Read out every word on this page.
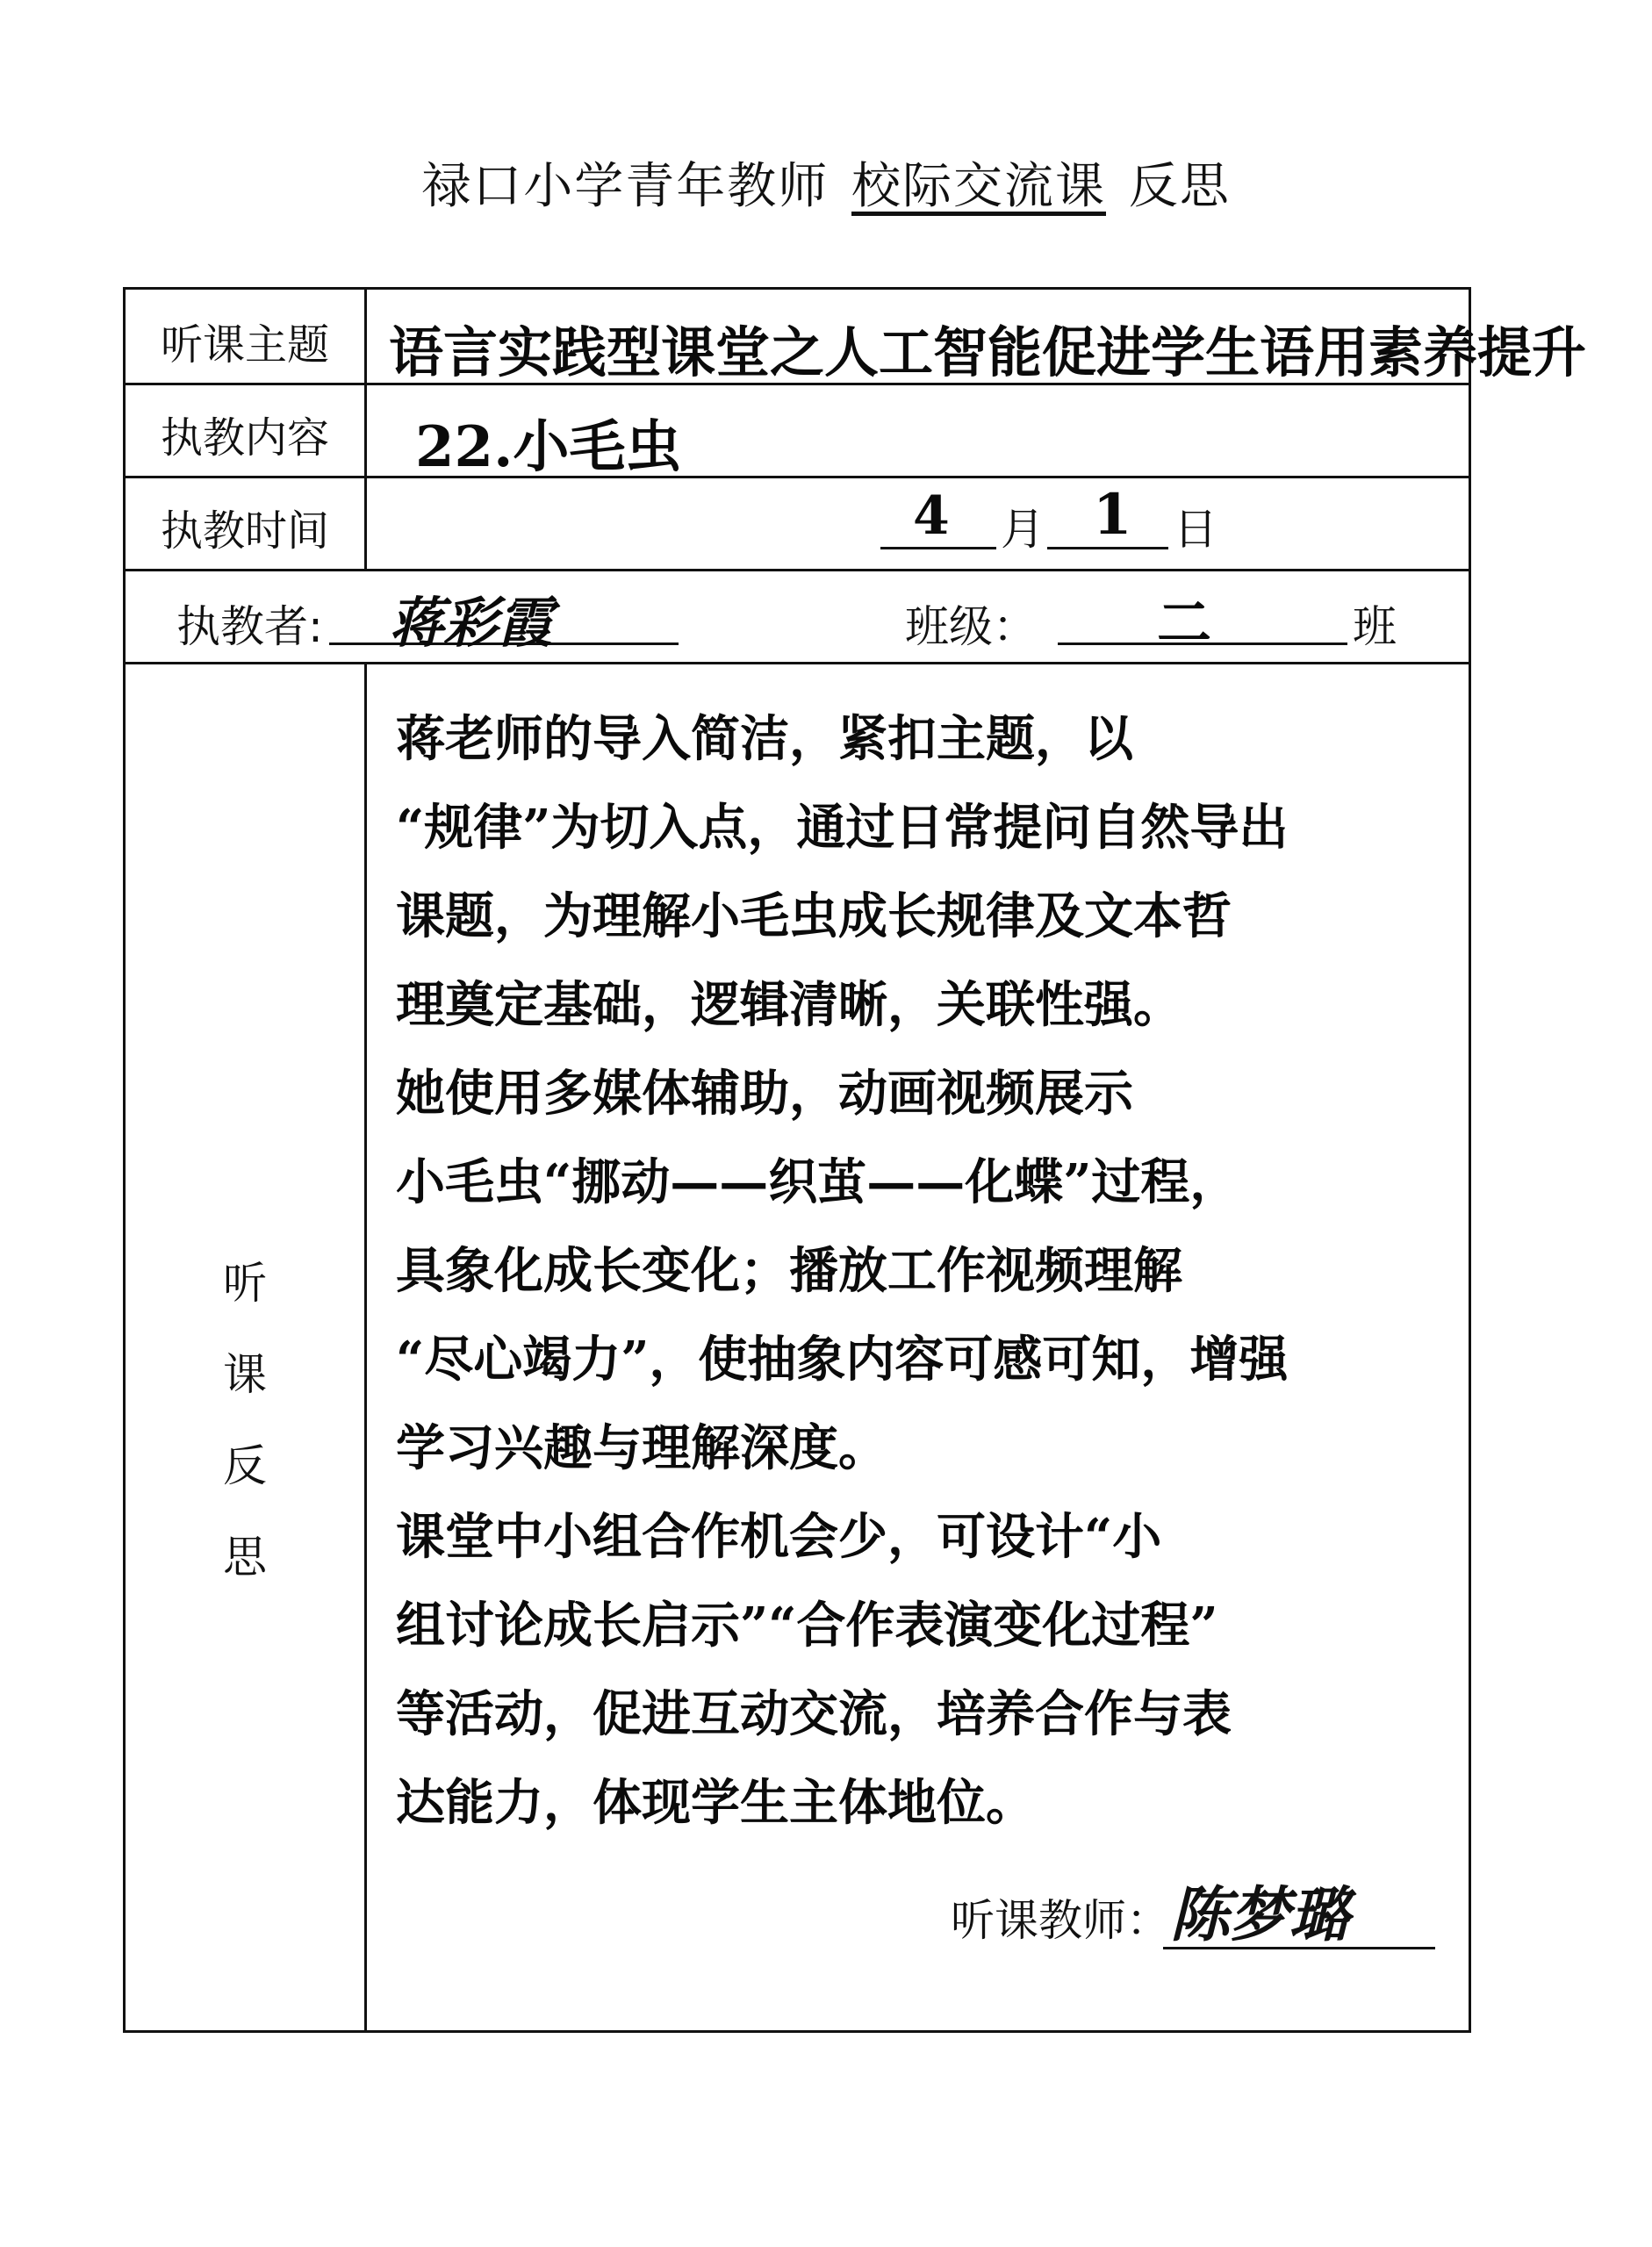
禄口小学青年教师 校际交流课 反思
听课主题	语言实践型课堂之人工智能促进学生语用素养提升
执教内容	22.小毛虫
执教时间	4 月 1 日
执教者: 蒋彩霞	班级： 二	班
听
课
反
思

蒋老师的导入简洁，紧扣主题，以
“规律”为切入点，通过日常提问自然导出
课题，为理解小毛虫成长规律及文本哲
理奠定基础，逻辑清晰，关联性强。

她使用多媒体辅助，动画视频展示
小毛虫“挪动——织茧——化蝶”过程，
具象化成长变化；播放工作视频理解
“尽心竭力”，使抽象内容可感可知，增强
学习兴趣与理解深度。

课堂中小组合作机会少，可设计“小
组讨论成长启示”“合作表演变化过程”
等活动，促进互动交流，培养合作与表
达能力，体现学生主体地位。

听课教师： 陈梦璐
